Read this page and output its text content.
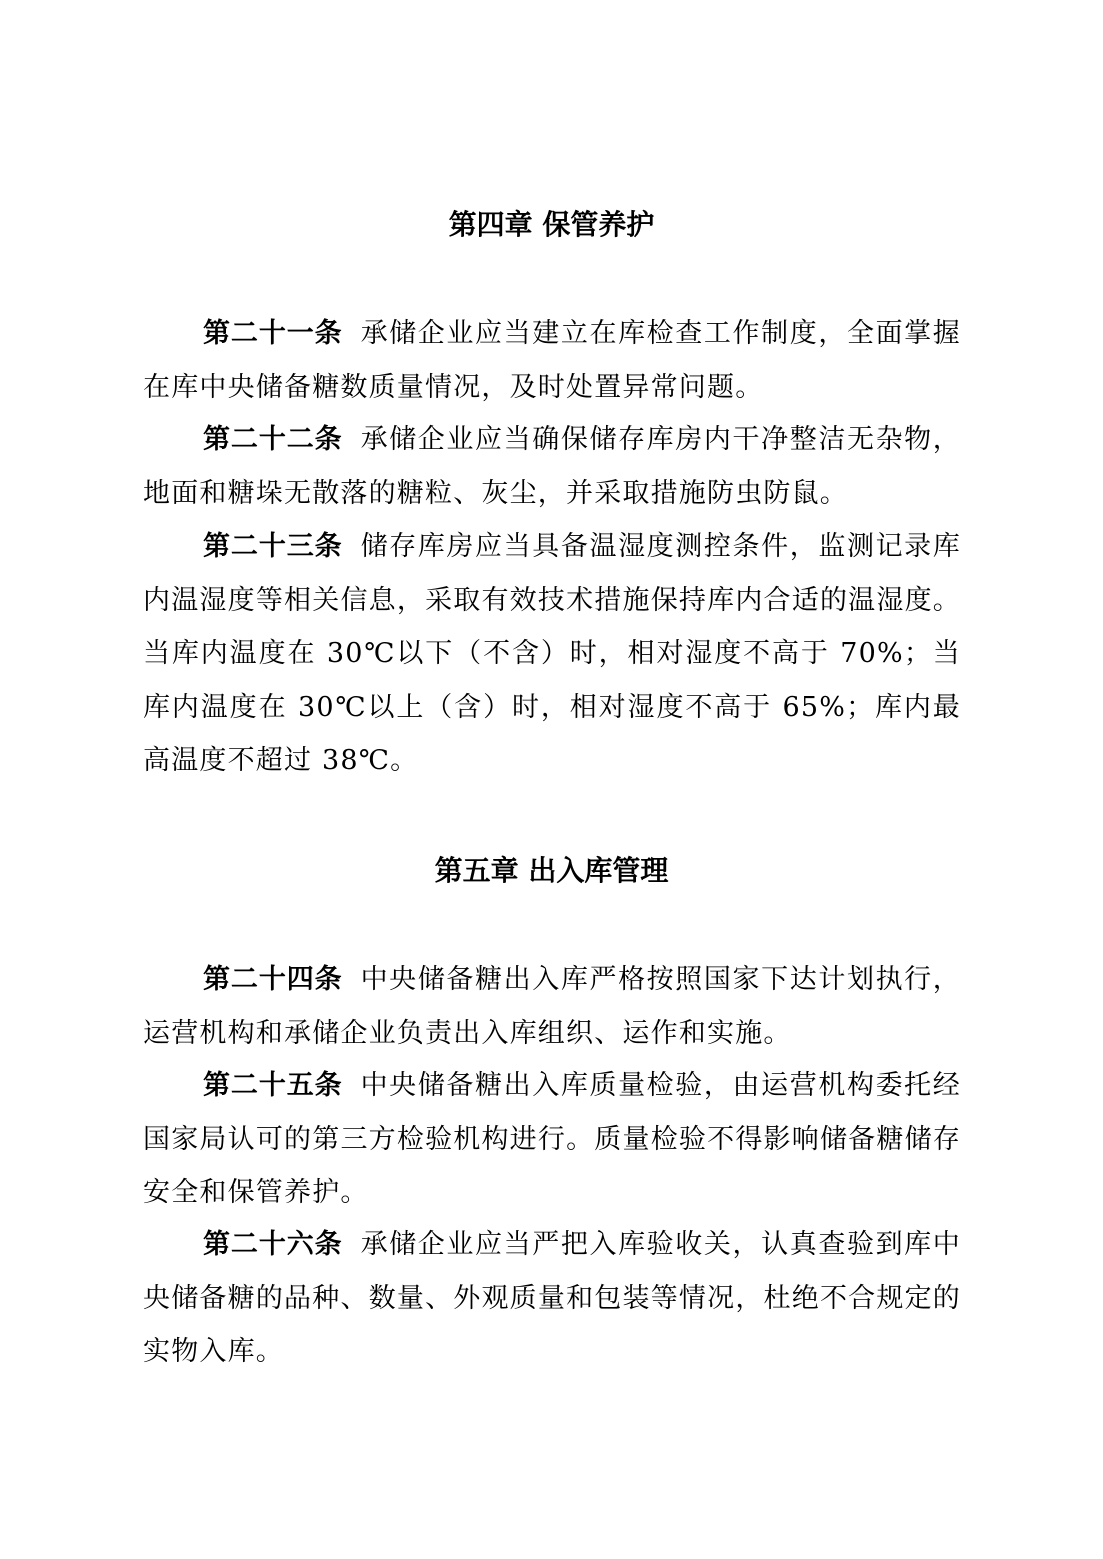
第四章 保管养护

第二十一条 承储企业应当建立在库检查工作制度，全面掌握在库中央储备糖数质量情况，及时处置异常问题。

第二十二条 承储企业应当确保储存库房内干净整洁无杂物，地面和糖垛无散落的糖粒、灰尘，并采取措施防虫防鼠。

第二十三条 储存库房应当具备温湿度测控条件，监测记录库内温湿度等相关信息，采取有效技术措施保持库内合适的温湿度。当库内温度在 30℃以下（不含）时，相对湿度不高于 70%；当库内温度在 30℃以上（含）时，相对湿度不高于 65%；库内最高温度不超过 38℃。

第五章 出入库管理

第二十四条 中央储备糖出入库严格按照国家下达计划执行，运营机构和承储企业负责出入库组织、运作和实施。

第二十五条 中央储备糖出入库质量检验，由运营机构委托经国家局认可的第三方检验机构进行。质量检验不得影响储备糖储存安全和保管养护。

第二十六条 承储企业应当严把入库验收关，认真查验到库中央储备糖的品种、数量、外观质量和包装等情况，杜绝不合规定的实物入库。
